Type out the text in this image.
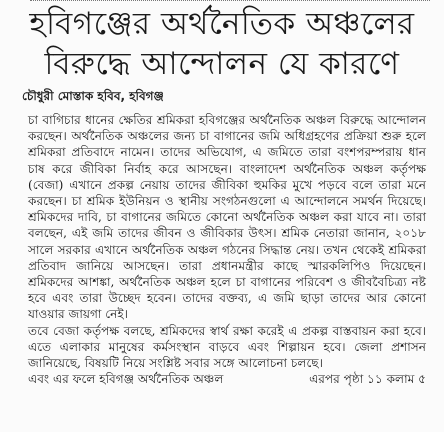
হবিগঞ্জের অর্থনৈতিক অঞ্চলের
বিরুদ্ধে আন্দোলন যে কারণে
চৌধুরী মোস্তাক হবিব, হবিগঞ্জ

চা বাগিচার ধানের ক্ষেতির শ্রমিকরা হবিগঞ্জের অর্থনৈতিক অঞ্চল বিরুদ্ধে আন্দোলন করছেন। অর্থনৈতিক অঞ্চলের জন্য চা বাগানের জমি অধিগ্রহণের প্রক্রিয়া শুরু হলে শ্রমিকরা প্রতিবাদে নামেন। তাদের অভিযোগ, এ জমিতে তারা বংশপরম্পরায় ধান চাষ করে জীবিকা নির্বাহ করে আসছেন। বাংলাদেশ অর্থনৈতিক অঞ্চল কর্তৃপক্ষ (বেজা) এখানে প্রকল্প নেয়ায় তাদের জীবিকা হুমকির মুখে পড়বে বলে তারা মনে করছেন। চা শ্রমিক ইউনিয়ন ও স্থানীয় সংগঠনগুলো এ আন্দোলনে সমর্থন দিয়েছে। শ্রমিকদের দাবি, চা বাগানের জমিতে কোনো অর্থনৈতিক অঞ্চল করা যাবে না। তারা বলছেন, এই জমি তাদের জীবন ও জীবিকার উৎস। শ্রমিক নেতারা জানান, ২০১৮ সালে সরকার এখানে অর্থনৈতিক অঞ্চল গঠনের সিদ্ধান্ত নেয়। তখন থেকেই শ্রমিকরা প্রতিবাদ জানিয়ে আসছেন। তারা প্রধানমন্ত্রীর কাছে স্মারকলিপিও দিয়েছেন। শ্রমিকদের আশঙ্কা, অর্থনৈতিক অঞ্চল হলে চা বাগানের পরিবেশ ও জীববৈচিত্র্য নষ্ট হবে এবং তারা উচ্ছেদ হবেন। তাদের বক্তব্য, এ জমি ছাড়া তাদের আর কোনো যাওয়ার জায়গা নেই।

তবে বেজা কর্তৃপক্ষ বলছে, শ্রমিকদের স্বার্থ রক্ষা করেই এ প্রকল্প বাস্তবায়ন করা হবে। এতে এলাকার মানুষের কর্মসংস্থান বাড়বে এবং শিল্পায়ন হবে। জেলা প্রশাসন জানিয়েছে, বিষয়টি নিয়ে সংশ্লিষ্ট সবার সঙ্গে আলোচনা চলছে।

এবং এর ফলে হবিগঞ্জ অর্থনৈতিক অঞ্চল	এরপর পৃষ্ঠা ১১ কলাম ৫
